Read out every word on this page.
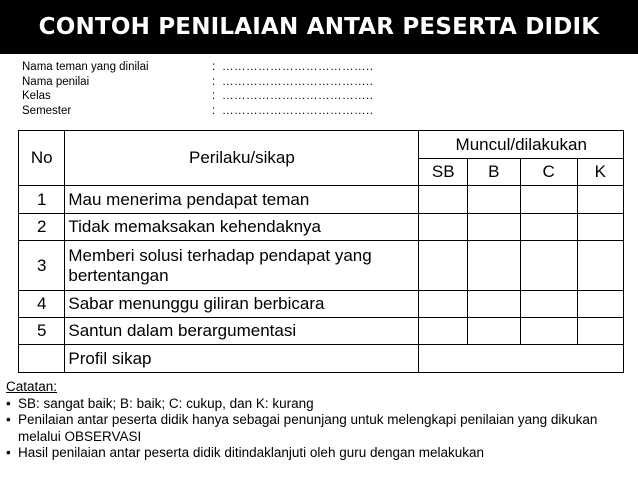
CONTOH PENILAIAN ANTAR PESERTA DIDIK
Nama teman yang dinilai	: ………………………………..
Nama penilai	: ………………………………..
Kelas	: ………………………………..
Semester	: ………………………………..
No	Perilaku/sikap	Muncul/dilakukan			
		SB	B	C	K
1	Mau menerima pendapat teman				
2	Tidak memaksakan kehendaknya				
3	Memberi solusi terhadap pendapat yang bertentangan				
4	Sabar menunggu giliran berbicara				
5	Santun dalam berargumentasi				
	Profil sikap				
Catatan:
• SB: sangat baik; B: baik; C: cukup, dan K: kurang
• Penilaian antar peserta didik hanya sebagai penunjang untuk melengkapi penilaian yang dikukan melalui OBSERVASI
• Hasil penilaian antar peserta didik ditindaklanjuti oleh guru dengan melakukan
